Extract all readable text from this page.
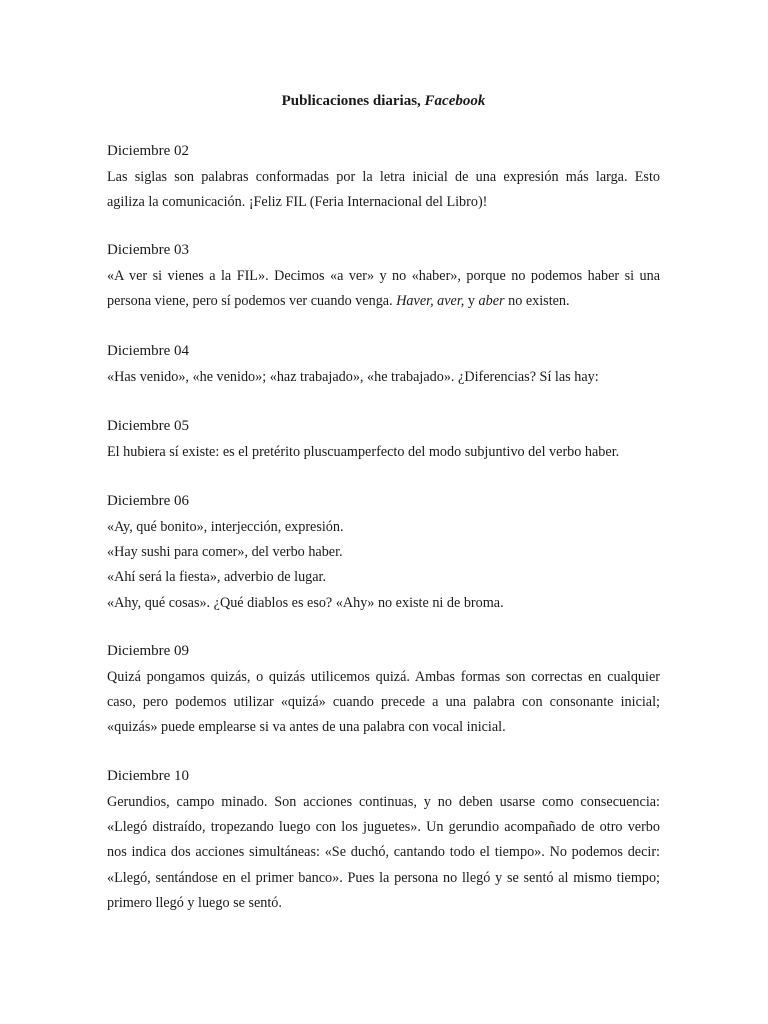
Publicaciones diarias, Facebook

Diciembre 02

Las siglas son palabras conformadas por la letra inicial de una expresión más larga. Esto
agiliza la comunicación. ¡Feliz FIL (Feria Internacional del Libro)!

Diciembre 03

«A ver si vienes a la FIL». Decimos «a ver» y no «haber», porque no podemos haber si una
persona viene, pero sí podemos ver cuando venga. Haver, aver, y aber no existen.

Diciembre 04

«Has venido», «he venido»; «haz trabajado», «he trabajado». ¿Diferencias? Sí las hay:

Diciembre 05

El hubiera sí existe: es el pretérito pluscuamperfecto del modo subjuntivo del verbo haber.

Diciembre 06

«Ay, qué bonito», interjección, expresión.
«Hay sushi para comer», del verbo haber.
«Ahí será la fiesta», adverbio de lugar.
«Ahy, qué cosas». ¿Qué diablos es eso? «Ahy» no existe ni de broma.

Diciembre 09

Quizá pongamos quizás, o quizás utilicemos quizá. Ambas formas son correctas en cualquier
caso, pero podemos utilizar «quizá» cuando precede a una palabra con consonante inicial;
«quizás» puede emplearse si va antes de una palabra con vocal inicial.

Diciembre 10

Gerundios, campo minado. Son acciones continuas, y no deben usarse como consecuencia:
«Llegó distraído, tropezando luego con los juguetes». Un gerundio acompañado de otro verbo
nos indica dos acciones simultáneas: «Se duchó, cantando todo el tiempo». No podemos decir:
«Llegó, sentándose en el primer banco». Pues la persona no llegó y se sentó al mismo tiempo;
primero llegó y luego se sentó.
